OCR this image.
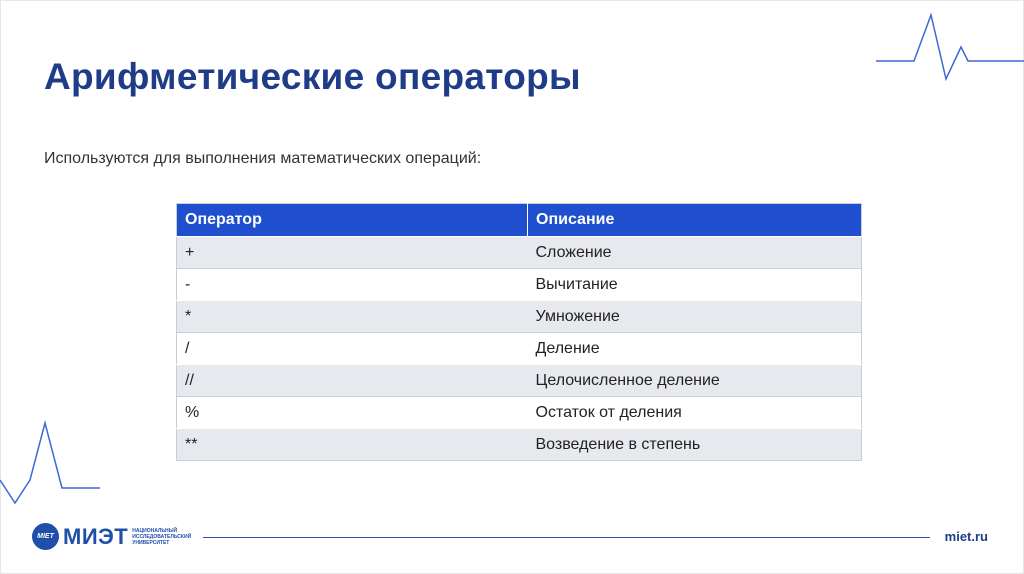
Арифметические операторы
Используются для выполнения математических операций:
Оператор	Описание
+	Сложение
-	Вычитание
*	Умножение
/	Деление
//	Целочисленное деление
%	Остаток от деления
**	Возведение в степень
MIET МИЭТ НАЦИОНАЛЬНЫЙ ИССЛЕДОВАТЕЛЬСКИЙ УНИВЕРСИТЕТ	miet.ru
